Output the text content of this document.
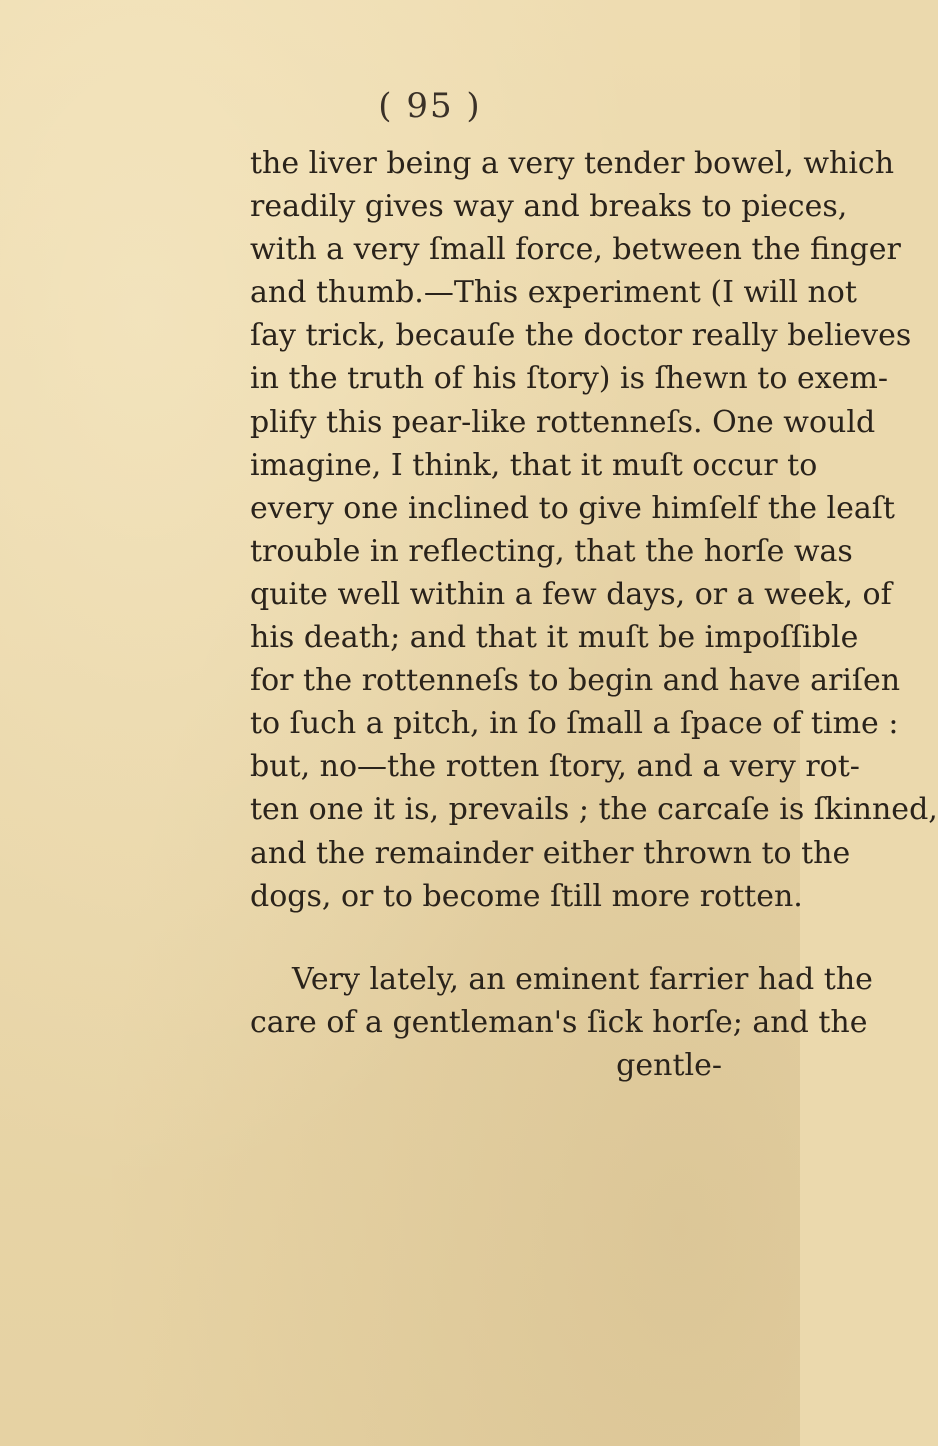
( 95 )
the liver being a very tender bowel, which
readily gives way and breaks to pieces,
with a very ſmall force, between the finger
and thumb.—This experiment (I will not
ſay trick, becauſe the doctor really believes
in the truth of his ſtory) is ſhewn to exem-
plify this pear-like rottenneſs. One would
imagine, I think, that it muſt occur to
every one inclined to give himſelf the leaſt
trouble in reflecting, that the horſe was
quite well within a few days, or a week, of
his death; and that it muſt be impoſſible
for the rottenneſs to begin and have ariſen
to ſuch a pitch, in ſo ſmall a ſpace of time :
but, no—the rotten ſtory, and a very rot-
ten one it is, prevails ; the carcaſe is ſkinned,
and the remainder either thrown to the
dogs, or to become ſtill more rotten.
Very lately, an eminent farrier had the
care of a gentleman's ſick horſe; and the
gentle-
